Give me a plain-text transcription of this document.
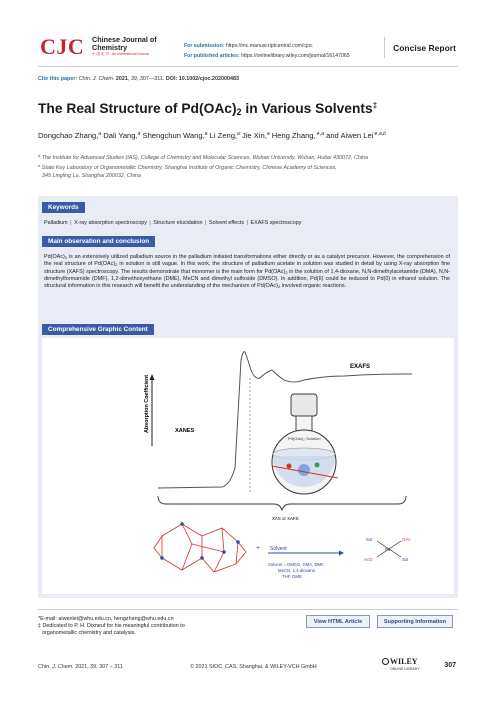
CJC Chinese Journal of Chemistry
中 国 化 学 · An International Journal
For submission: https://mc.manuscriptcentral.com/cjoc
For published articles: https://onlinelibrary.wiley.com/journal/16147065
Concise Report
Cite this paper: Chin. J. Chem. 2021, 39, 307—311. DOI: 10.1002/cjoc.202000483
The Real Structure of $Pd(OAc)_2$ in Various Solvents‡
Dongchao Zhang,$^a$ Dali Yang,$^a$ Shengchun Wang,$^a$ Li Zeng,$^a$ Jie Xin,$^a$ Heng Zhang,$^{∗,a}$ and Aiwen Lei$^{∗,a,b}$
$^a$ The Institute for Advanced Studies (IAS), College of Chemistry and Molecular Sciences, Wuhan University, Wuhan, Hubei 430072, China
$^b$ State Key Laboratory of Organometallic Chemistry, Shanghai Institute of Organic Chemistry, Chinese Academy of Sciences,
345 Lingling Lu, Shanghai 200032, China
Keywords
Palladium | X-ray absorption spectroscopy | Structure elucidation | Solvent effects | EXAFS spectroscopy
Main observation and conclusion

$Pd(OAc)_2$ is an extensively utilized palladium source in the palladium initiated transformations either directly or as a catalyst precursor. However, the comprehension of the real structure of $Pd(OAc)_2$ in solution is still vague. In this work, the structure of palladium acetate in solution was studied in detail by using X-ray absorption fine structure (XAFS) spectroscopy. The results demonstrate that monomer is the main form for $Pd(OAc)_2$ in the solution of 1,4-dioxane, N,N-dimethylacetamide (DMA), N,N-dimethylformamide (DMF), 1,2-dimethoxyethane (DME), MeCN and dimethyl sulfoxide (DMSO). In addition, Pd(II) could be reduced to Pd(0) in ethanol solution. The structural information in this research will benefit the understanding of the mechanism of $Pd(OAc)_2$ involved organic reactions.

Comprehensive Graphic Content
Absorption Coefficient
EXAFS
XANES
Pd(OAc)₂ Solution
XAS or XAFS
+ Solvent
Solvent = DMSO, DMA, DMF,
MeCN, 1,4-dioxane,
THF, DME
Sol	OAc
Pd
AcO	Sol
*E-mail: aiwenlei@whu.edu.cn, hengzhang@whu.edu.cn
‡ Dedicated to P. H. Dixneuf for his meaningful contribution to
organometallic chemistry and catalysis.
View HTML Article	Supporting Information
Chin. J. Chem. 2021, 39, 307 − 311	© 2021 SIOC, CAS, Shanghai, & WILEY-VCH GmbH
WILEY
ONLINE LIBRARY	307
